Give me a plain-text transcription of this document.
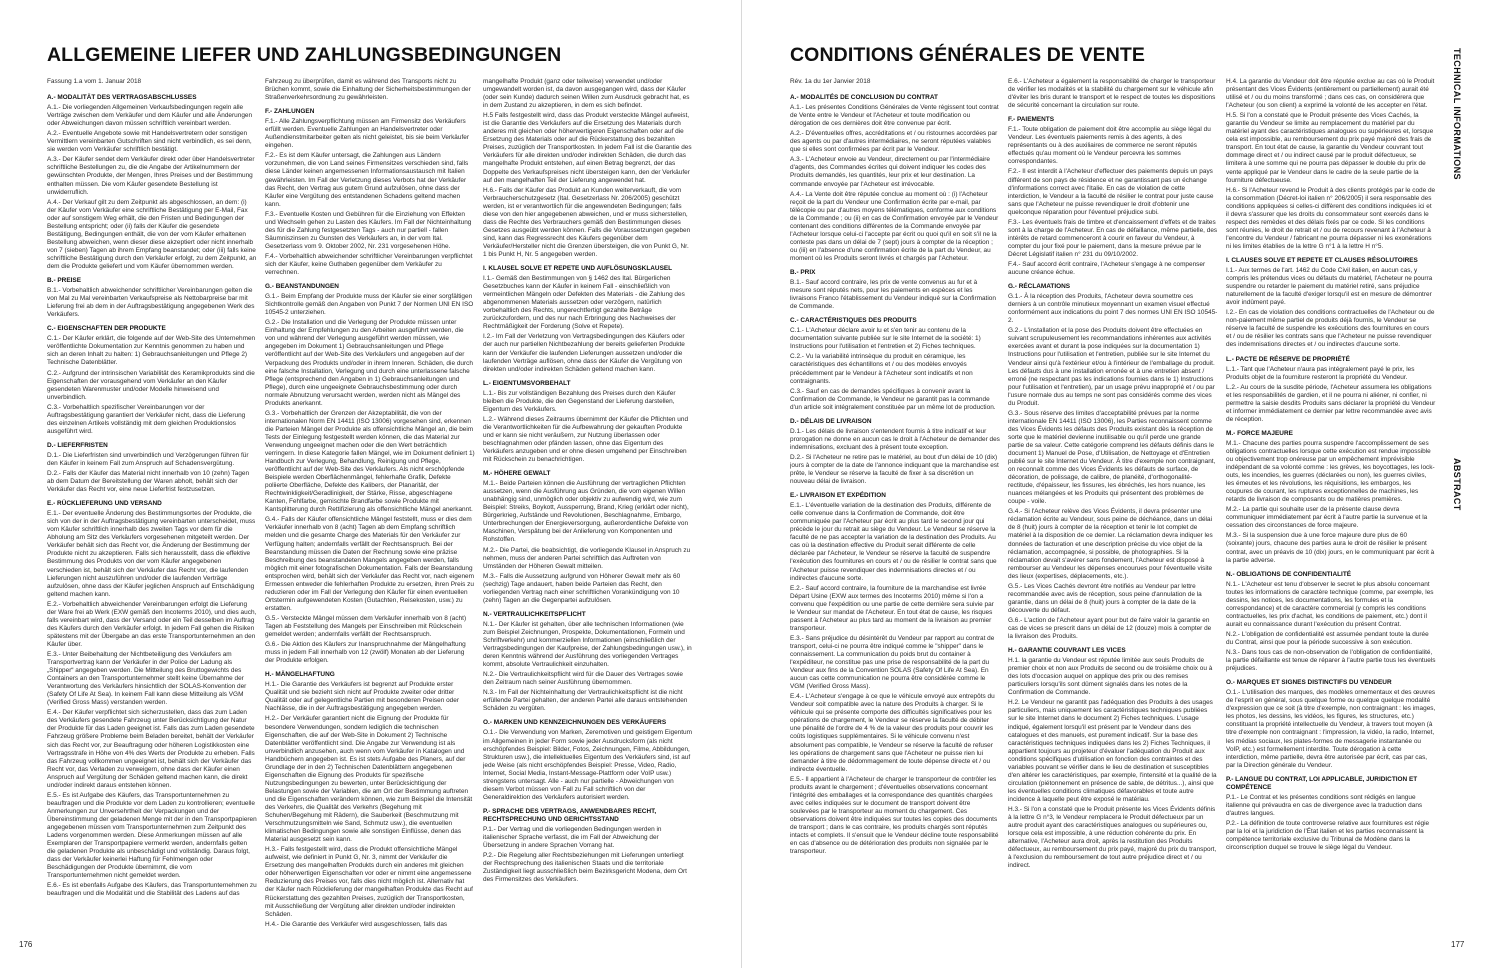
ALLGEMEINE LIEFER UND ZAHLUNGSBEDINGUNGEN

Fassung 1.a vom 1. Januar 2018

A.- MODALITÄT DES VERTRAGSABSCHLUSSES

A.1.- Die vorliegenden Allgemeinen Verkaufsbedingungen regeln alle Verträge zwischen dem Verkäufer und dem Käufer und alle Änderungen oder Abweichungen davon müssen schriftlich vereinbart werden.

A.2.- Eventuelle Angebote sowie mit Handelsvertretern oder sonstigen Vermittlern vereinbarten Gutschriften sind nicht verbindlich, es sei denn, sie werden vom Verkäufer schriftlich bestätigt.

A.3.- Der Käufer sendet dem Verkäufer direkt oder über Handelsvertreter schriftliche Bestellungen zu, die die Angabe der Artikelnummern der gewünschten Produkte, der Mengen, Ihres Preises und der Bestimmung enthalten müssen. Die vom Käufer gesendete Bestellung ist unwiderruflich.

A.4.- Der Verkauf gilt zu dem Zeitpunkt als abgeschlossen, an dem: (i) der Käufer vom Verkäufer eine schriftliche Bestätigung per E-Mail, Fax oder auf sonstigem Weg erhält, die den Fristen und Bedingungen der Bestellung entspricht; oder (ii) falls der Käufer die gesendete Bestätigung, Bedingungen enthält, die von der vom Käufer erhaltenen Bestellung abweichen, wenn dieser diese akzeptiert oder nicht innerhalb von 7 (sieben) Tagen ab ihrem Empfang beanstandet; oder (iii) falls keine schriftliche Bestätigung durch den Verkäufer erfolgt, zu dem Zeitpunkt, an dem die Produkte geliefert und vom Käufer übernommen werden.

B.- PREISE

B.1.- Vorbehaltlich abweichender schriftlicher Vereinbarungen gelten die von Mal zu Mal vereinbarten Verkaufspreise als Nettobarpreise bar mit Lieferung frei ab dem in der Auftragsbestätigung angegebenen Werk des Verkäufers.

C.- EIGENSCHAFTEN DER PRODUKTE

C.1.- Der Käufer erklärt, die folgende auf der Web-Site des Unternehmen veröffentlichte Dokumentation zur Kenntnis genommen zu haben und sich an deren Inhalt zu halten: 1) Gebrauchsanleitungen und Pflege 2) Technische Datenblätter.

C.2.- Aufgrund der intrinsischen Variabilität des Keramikprodukts sind die Eigenschaften der vorausgehend vom Verkäufer an den Käufer gesendeten Warenmuster und/oder Modelle hinweisend und unverbindlich.

C.3.- Vorbehaltlich spezifischer Vereinbarungen vor der Auftragsbestätigung garantiert der Verkäufer nicht, dass die Lieferung des einzelnen Artikels vollständig mit dem gleichen Produktionslos ausgeführt wird.

D.- LIEFERFRISTEN

D.1.- Die Lieferfristen sind unverbindlich und Verzögerungen führen für den Käufer in keinem Fall zum Anspruch auf Schadensvergütung.

D.2.- Falls der Käufer das Material nicht innerhalb von 10 (zehn) Tagen ab dem Datum der Bereitstellung der Waren abholt, behält sich der Verkäufer das Recht vor, eine neue Lieferfrist festzusetzen.

E.- RÜCKLIEFERUNG UND VERSAND

E.1.- Der eventuelle Änderung des Bestimmungsortes der Produkte, die sich von der in der Auftragsbestätigung vereinbarten unterscheidet, muss vom Käufer schriftlich innerhalb des zweiten Tags vor dem für die Abholung am Sitz des Verkäufers vorgesehenen mitgeteilt werden. Der Verkäufer behält sich das Recht vor, die Änderung der Bestimmung der Produkte nicht zu akzeptieren. Falls sich herausstellt, dass die effektive Bestimmung des Produkts von der vom Käufer angegebenen verschieden ist, behält sich der Verkäufer das Recht vor, die laufenden Lieferungen nicht auszuführen und/oder die laufenden Verträge aufzulösen, ohne dass der Käufer jeglichen Anspruch auf Entschädigung geltend machen kann.

E.2.- Vorbehaltlich abweichender Vereinbarungen erfolgt die Lieferung der Ware frei ab Werk (EXW gemäß den Incoterms 2010), und dies auch, falls vereinbart wird, dass der Versand oder ein Teil desselben im Auftrag des Käufers durch den Verkäufer erfolgt. In jedem Fall gehen die Risiken spätestens mit der Übergabe an das erste Transportunternehmen an den Käufer über.

E.3.- Unter Beibehaltung der Nichtbeteiligung des Verkäufers am Transportvertrag kann der Verkäufer in der Police der Ladung als „Shipper“ angegeben werden. Die Mitteilung des Bruttogewichts des Containers an den Transportunternehmer stellt keine Übernahme der Verantwortung des Verkäufers hinsichtlich der SOLAS-Konvention der (Safety Of Life At Sea). In keinem Fall kann diese Mitteilung als VGM (Verified Gross Mass) verstanden werden.

E.4.- Der Käufer verpflichtet sich sicherzustellen, dass das zum Laden des Verkäufers gesendete Fahrzeug unter Berücksichtigung der Natur der Produkte für das Laden geeignet ist. Falls das zum Laden gesendete Fahrzeug größere Probleme beim Beladen bereitet, behält der Verkäufer sich das Recht vor, zur Beauftragung oder höheren Logistikkosten eine Vertragsstrafe in Höhe von 4% des Werts der Produkte zu erheben. Falls das Fahrzeug vollkommen ungeeignet ist, behält sich der Verkäufer das Recht vor, das Verladen zu verweigern, ohne dass der Käufer einen Anspruch auf Vergütung der Schäden geltend machen kann, die direkt und/oder indirekt daraus entstehen können.

E.5.- Es ist Aufgabe des Käufers, das Transportunternehmen zu beauftragen und die Produkte vor dem Laden zu kontrollieren; eventuelle Anmerkungen zur Unversehrtheit der Verpackungen und der Übereinstimmung der geladenen Menge mit der in den Transportpapieren angegebenen müssen vom Transportunternehmen zum Zeitpunkt des Ladens vorgenommen werden. Diese Anmerkungen müssen auf alle Exemplaren der Transportpapiere vermerkt werden, andernfalls gelten die geladenen Produkte als unbeschädigt und vollständig. Daraus folgt, dass der Verkäufer keinerlei Haftung für Fehlmengen oder Beschädigungen der Produkte übernimmt, die vom Transportunternehmen nicht gemeldet werden.

E.6.- Es ist ebenfalls Aufgabe des Käufers, das Transportunternehmen zu beauftragen und die Modalität und die Stabilität des Ladens auf das

Fahrzeug zu überprüfen, damit es während des Transports nicht zu Brüchen kommt, sowie die Einhaltung der Sicherheitsbestimmungen der Straßenverkehrsordnung zu gewährleisten.

F.- ZAHLUNGEN

F.1.- Alle Zahlungsverpflichtung müssen am Firmensitz des Verkäufers erfüllt werden. Eventuelle Zahlungen an Handelsvertreter oder Außendienstmitarbeiter gelten als nicht geleistet, bis sie beim Verkäufer eingehen.

F.2.- Es ist dem Käufer untersagt, die Zahlungen aus Ländern vorzunehmen, die von Land seines Firmensitzes verschieden sind, falls diese Länder keinen angemessenen Informationsaustausch mit Italien gewährleisten. Im Fall der Verletzung dieses Verbots hat der Verkäufer das Recht, den Vertrag aus gutem Grund aufzulösen, ohne dass der Käufer eine Vergütung des entstandenen Schadens geltend machen kann.

F.3.- Eventuelle Kosten und Gebühren für die Einziehung von Effekten und Wechseln gehen zu Lasten des Käufers. Im Fall der Nichteinhaltung des für die Zahlung festgesetzten Tags - auch nur partiell - fallen Säumniszinsen zu Gunsten des Verkäufers an, in der vom Ital. Gesetzerlass vom 9. Oktober 2002, Nr. 231 vorgesehenen Höhe.

F.4.- Vorbehaltlich abweichender schriftlicher Vereinbarungen verpflichtet sich der Käufer, keine Guthaben gegenüber dem Verkäufer zu verrechnen.

G.- BEANSTANDUNGEN

G.1.- Beim Empfang der Produkte muss der Käufer sie einer sorgfältigen Sichtkontrolle gemäß den Angaben von Punkt 7 der Normen UNI EN ISO 10545-2 unterziehen.

G.2.- Die Installation und die Verlegung der Produkte müssen unter Einhaltung der Empfehlungen zu den Arbeiten ausgeführt werden, die von und während der Verlegung ausgeführt werden müssen, wie angegeben im Dokument 1) Gebrauchsanleitungen und Pflege veröffentlicht auf der Web-Site des Verkäufers und angegeben auf der Verpackung des Produkts und/oder in ihrem Inneren. Schäden, die durch eine falsche Installation, Verlegung und durch eine unterlassene falsche Pflege (entsprechend den Angaben in 1) Gebrauchsanleitungen und Pflege), durch eine ungeeignete Gebrauchsbestimmung oder durch normale Abnutzung verursacht werden, werden nicht als Mängel des Produkts anerkannt.

G.3.- Vorbehaltlich der Grenzen der Akzeptabilität, die von der internationalen Norm EN 14411 (ISO 13006) vorgesehen sind, erkennen die Parteien Mängel der Produkte als offensichtliche Mängel an, die beim Tests der Einlegung festgestellt werden können, die das Material zur Verwendung ungeeignet machen oder die den Wert beträchtlich verringern. In diese Kategorie fallen Mängel, wie im Dokument definiert 1) Handbuch zur Verlegung, Behandlung, Reinigung und Pflege, veröffentlicht auf der Web-Site des Verkäufers. Als nicht erschöpfende Beispiele werden Oberflächenmängel, fehlerhafte Grafik, Defekte poliierte Oberfläche, Defekte des Kalibers, der Planarität, der Rechtwinkligkeit/Geradlinigkeit, der Stärke, Risse, abgeschlagene Kanten, Fehlfarbe, gemischte Brandfarbe sowie Produkte mit Kantsplitterung durch Rettifizierung als offensichtliche Mängel anerkannt.

G.4.- Falls der Käufer offensichtliche Mängel feststellt, muss er dies dem Verkäufer innerhalb von 8 (acht) Tagen ab dem Empfang schriftlich melden und die gesamte Charge des Materials für den Verkäufer zur Verfügung halten; andernfalls verfällt der Rechtsanspruch. Bei der Beanstandung müssen die Daten der Rechnung sowie eine präzise Beschreibung des beanstandeten Mangels angegeben werden, falls möglich mit einer fotografischen Dokumentation. Falls der Beanstandung entsprochen wird, behält sich der Verkäufer das Recht vor, nach eigenem Ermessen entweder die fehlerhaften Produkte zu ersetzen, ihren Preis zu reduzieren oder im Fall der Verlegung den Käufer für einen eventuellen Ortstermin aufgewendeten Kosten (Gutachten, Reisekosten, usw.) zu erstatten.

G.5.- Versteckte Mängel müssen dem Verkäufer innerhalb von 8 (acht) Tagen ab Feststellung des Mangels per Einschreiben mit Rückschein gemeldet werden; andernfalls verfällt der Rechtsanspruch.

G.6.- Die Aktion des Käufers zur Inanspruchnahme der Mängelhaftung muss in jedem Fall innerhalb von 12 (zwölf) Monaten ab der Lieferung der Produkte erfolgen.

H.- MÄNGELHAFTUNG

H.1.- Die Garantie des Verkäufers ist begrenzt auf Produkte erster Qualität und sie bezieht sich nicht auf Produkte zweiter oder dritter Qualität oder auf gelegentliche Partien mit besonderen Preisen oder Nachlässe, die in der Auftragsbestätigung angegeben werden.

H.2.- Der Verkäufer garantiert nicht die Eignung der Produkte für besondere Verwendungen, sondern lediglich die technischen Eigenschaften, die auf der Web-Site in Dokument 2) Technische Datenblätter veröffentlicht sind. Die Angabe zur Verwendung ist als unverbindlich anzusehen, auch wenn vom Verkäufer in Katalogen und Handbüchern angegeben ist. Es ist stets Aufgabe des Planers, auf der Grundlage der in den 2) Technischen Datenblättern angegebenen Eigenschaften die Eignung des Produkts für spezifische Nutzungsbedingungen zu bewerten, unter Berücksichtigung der Belastungen sowie der Variablen, die am Ort der Bestimmung auftreten und die Eigenschaften verändern können, wie zum Beispiel die Intensität des Verkehrs, die Qualität des Verkehrs (Begehung mit Schuhen/Begehung mit Rädern), die Sauberkeit (Beschmutzung mit Verschmutzungsmitteln wie Sand, Schmutz usw.), die eventuellen klimatischen Bedingungen sowie alle sonstigen Einflüsse, denen das Material ausgesetzt sein kann.

H.3.- Falls festgestellt wird, dass die Produkt offensichtliche Mängel aufweist, wie definiert in Punkt G, Nr. 3, nimmt der Verkäufer die Ersetzung des mangelhaften Produkts durch ein anderes mit gleichen oder höherwertigen Eigenschaften vor oder er nimmt eine angemessene Reduzierung des Preises vor, falls dies nicht möglich ist. Alternativ hat der Käufer nach Rücklieferung der mangelhaften Produkte das Recht auf Rückerstattung des gezahlten Preises, zuzüglich der Transportkosten, mit Ausschließung der Vergütung aller direkten und/oder indirekten Schäden.

H.4.- Die Garantie des Verkäufer wird ausgeschlossen, falls das

mangelhafte Produkt (ganz oder teilweise) verwendet und/oder umgewandelt worden ist, da davon ausgegangen wird, dass der Käufer (oder sein Kunde) dadurch seinen Willen zum Ausdruck gebracht hat, es in dem Zustand zu akzeptieren, in dem es sich befindet.

H.5 Falls festgestellt wird, dass das Produkt versteckte Mängel aufweist, ist die Garantie des Verkäufers auf die Ersetzung des Materials durch anderes mit gleichen oder höherwertigeren Eigenschaften oder auf die Ersetzung des Materials oder auf die Rückerstattung des bezahlten Preises, zuzüglich der Transportkosten. In jedem Fall ist die Garantie des Verkäufers für alle direkten und/oder indirekten Schäden, die durch das mangelhafte Produkt entstehen, auf einen Betrag begrenzt, der das Doppelte des Verkaufspreises nicht übersteigen kann, den der Verkäufer auf den mangelhaften Teil der Lieferung angewendet hat.

H.6.- Falls der Käufer das Produkt an Kunden weiterverkauft, die vom Verbraucherschutzgesetz (Ital. Gesetzerlass Nr. 206/2005) geschützt werden, ist er verantwortlich für die angewendeten Bedingungen; falls diese von den hier angegebenen abweichen, und er muss sicherstellen, dass die Rechte des Verbrauchers gemäß den Bestimmungen dieses Gesetzes ausgeübt werden können. Falls die Voraussetzungen gegeben sind, kann das Regressrecht des Käufers gegenüber dem Verkäufer/Hersteller nicht die Grenzen übersteigen, die von Punkt G, Nr. 1 bis Punkt H, Nr. 5 angegeben werden.

I. KLAUSEL SOLVE ET REPETE UND AUFLÖSUNGSKLAUSEL

I.1.- Gemäß den Bestimmungen von § 1462 des Ital. Bürgerlichen Gesetzbuches kann der Käufer in keinem Fall - einschließlich von vermeintlichen Mängeln oder Defekten des Materials - die Zahlung des abgenommenen Materials aussetzen oder verzögern, natürlich vorbehaltlich des Rechts, ungerechtfertigt gezahlte Beträge zurückzufordern, und des nur nach Erbringung des Nachweises der Rechtmäßigkeit der Forderung (Solve et Repete).

I.2.- Im Fall der Verletzung von Vertragsbedingungen des Käufers oder der auch nur partiellen Nichtbezahlung der bereits gelieferten Produkte kann der Verkäufer die laufenden Lieferungen aussetzen und/oder die laufenden Verträge auflösen, ohne dass der Käufer die Vergütung von direkten und/oder indirekten Schäden geltend machen kann.

L.- EIGENTUMSVORBEHALT

L.1.- Bis zur vollständigen Bezahlung des Preises durch den Käufer bleiben die Produkte, die den Gegenstand der Lieferung darstellen, Eigentum des Verkäufers.

L.2.- Während dieses Zeitraums übernimmt der Käufer die Pflichten und die Verantwortlichkeiten für die Aufbewahrung der gekauften Produkte und er kann sie nicht veräußern, zur Nutzung überlassen oder beschlagnahmen oder pfänden lassen, ohne das Eigentum des Verkäufers anzugeben und er ohne diesen umgehend per Einschreiben mit Rückschein zu benachrichtigen.

M.- HÖHERE GEWALT

M.1.- Beide Parteien können die Ausführung der vertraglichen Pflichten aussetzen, wenn die Ausführung aus Gründen, die vom eigenen Willen unabhängig sind, unmöglich oder objektiv zu aufwendig wird, wie zum Beispiel: Streiks, Boykott, Aussperrung, Brand, Krieg (erklärt oder nicht), Bürgerkrieg, Aufstände und Revolutionen, Beschlagnahme, Embargo, Unterbrechungen der Energieversorgung, außerordentliche Defekte von Maschinen, Verspätung bei der Anlieferung von Komponenten und Rohstoffen.

M.2.- Die Partei, die beabsichtigt, die vorliegende Klausel in Anspruch zu nehmen, muss der anderen Partei schriftlich das Auftreten von Umständen der Höheren Gewalt mitteilen.

M.3.- Falls die Aussetzung aufgrund von Höherer Gewalt mehr als 60 (sechzig) Tage andauert, haben beide Parteien das Recht, den vorliegenden Vertrag nach einer schriftlichen Vorankündigung von 10 (zehn) Tagen an die Gegenpartei aufzulösen.

N.- VERTRAULICHKEITSPFLICHT

N.1.- Der Käufer ist gehalten, über alle technischen Informationen (wie zum Beispiel Zeichnungen, Prospekte, Dokumentationen, Formeln und Schriftverkehr) und kommerziellen Informationen (einschließlich der Vertragsbedingungen der Kaufpreise, der Zahlungsbedingungen usw.), in deren Kenntnis während der Ausführung des vorliegenden Vertrages kommt, absolute Vertraulichkeit einzuhalten.

N.2.- Die Vertraulichkeitspflicht wird für die Dauer des Vertrages sowie den Zeitraum nach seiner Ausführung übernommen.

N.3.- Im Fall der Nichteinhaltung der Vertraulichkeitspflicht ist die nicht erfüllende Partei gehalten, der anderen Partei alle daraus entstehenden Schäden zu vergüten.

O.- MARKEN UND KENNZEICHNUNGEN DES VERKÄUFERS

O.1.- Die Verwendung von Marken, Zeremotiven und geistigem Eigentum im Allgemeinen in jeder Form sowie jeder Ausdrucksform (als nicht erschöpfendes Beispiel: Bilder, Fotos, Zeichnungen, Filme, Abbildungen, Strukturen usw.), die intellektuelles Eigentum des Verkäufers sind, ist auf jede Weise (als nicht erschöpfendes Beispiel: Presse, Video, Radio, Internet, Social Media, Instant-Message-Plattform oder VoIP usw.) strengstens untersagt. Alle - auch nur partielle - Abweichungen von diesem Verbot müssen von Fall zu Fall schriftlich von der Generaldirektion des Verkäufers autorisiert werden.

P.- SPRACHE DES VERTRAGS, ANWENDBARES RECHT, RECHTSPRECHUNG UND GERICHTSSTAND

P.1.- Der Vertrag und die vorliegenden Bedingungen werden in italienischer Sprache verfasst, die im Fall der Abweichung der Übersetzung in andere Sprachen Vorrang hat.

P.2.- Die Regelung aller Rechtsbeziehungen mit Lieferungen unterliegt der Rechtsprechung des italienischen Staats und die territoriale Zuständigkeit liegt ausschließlich beim Bezirksgericht Modena, dem Ort des Firmensitzes des Verkäufers.

176
CONDITIONS GÉNÉRALES DE VENTE

Rév. 1a du 1er Janvier 2018

A.- MODALITÉS DE CONCLUSION DU CONTRAT

A.1.- Les présentes Conditions Générales de Vente régissent tout contrat de Vente entre le Vendeur et l'Acheteur et toute modification ou dérogation de ces dernières doit être convenue par écrit.

A.2.- D'éventuelles offres, accréditations et / ou ristournes accordées par des agents ou par d'autres intermédiaires, ne seront réputées valables que si elles sont confirmées par écrit par le Vendeur.

A.3.- L'Acheteur envoie au Vendeur, directement ou par l'intermédiaire d'agents, des Commandes écrites qui doivent indiquer les codes des Produits demandés, les quantités, leur prix et leur destination. La commande envoyée par l'Acheteur est irrévocable.

A.4.- La Vente doit être réputée conclue au moment où : (i) l'Acheteur reçoit de la part du Vendeur une Confirmation écrite par e-mail, par télécopie ou par d'autres moyens télématiques, conforme aux conditions de la Commande ; ou (ii) en cas de Confirmation envoyée par le Vendeur contenant des conditions différentes de la Commande envoyée par l'Acheteur lorsque celui-ci l'accepte par écrit ou quoi qu'il en soit s'il ne la conteste pas dans un délai de 7 (sept) jours à compter de la réception ; ou (iii) en l'absence d'une confirmation écrite de la part du Vendeur, au moment où les Produits seront livrés et chargés par l'Acheteur.

B.- PRIX

B.1.- Sauf accord contraire, les prix de vente convenus au fur et à mesure sont réputés nets, pour les paiements en espèces et les livraisons Franco l'établissement du Vendeur indiqué sur la Confirmation de Commande.

C.- CARACTÉRISTIQUES DES PRODUITS

C.1.- L'Acheteur déclare avoir lu et s'en tenir au contenu de la documentation suivante publiée sur le site Internet de la société: 1) Instructions pour l'utilisation et l'entretien et 2) Fiches techniques.

C.2.- Vu la variabilité intrinsèque du produit en céramique, les caractéristiques des échantillons et / ou des modèles envoyés précédemment par le Vendeur à l'Acheteur sont indicatifs et non contraignants.

C.3.- Sauf en cas de demandes spécifiques à convenir avant la Confirmation de Commande, le Vendeur ne garantit pas la commande d'un article soit intégralement constituée par un même lot de production.

D.- DÉLAIS DE LIVRAISON

D.1.- Les délais de livraison s'entendent fournis à titre indicatif et leur prorogation ne donne en aucun cas le droit à l'Acheteur de demander des indemnisations, excluant des à présent toute exception.

D.2.- Si l'Acheteur ne retire pas le matériel, au bout d'un délai de 10 (dix) jours à compter de la date de l'annonce indiquant que la marchandise est prête, le Vendeur se réserve la faculté de fixer à sa discrétion un nouveau délai de livraison.

E.- LIVRAISON ET EXPÉDITION

E.1.- L'éventuelle variation de la destination des Produits, différente de celle convenue dans la Confirmation de Commande, doit être communiquée par l'Acheteur par écrit au plus tard le second jour qui précède le jour du retrait au siège du Vendeur. Le Vendeur se réserve la faculté de ne pas accepter la variation de la destination des Produits. Au cas où la destination effective du Produit serait différente de celle déclarée par l'Acheteur, le Vendeur se réserve la faculté de suspendre l'exécution des fournitures en cours et / ou de résilier le contrat sans que l'Acheteur puisse revendiquer des indemnisations directes et / ou indirectes d'aucune sorte.

E.2.- Sauf accord contraire, la fourniture de la marchandise est livrée Départ Usine (EXW aux termes des Incoterms 2010) même si l'on a convenu que l'expédition ou une partie de cette dernière sera suivie par le Vendeur sur mandat de l'Acheteur. En tout état de cause, les risques passent à l'Acheteur au plus tard au moment de la livraison au premier transporteur.

E.3.- Sans préjudice du désintérêt du Vendeur par rapport au contrat de transport, celui-ci ne pourra être indiqué comme le "shipper" dans le connaissement. La communication du poids brut du container à l'expéditeur, ne constitue pas une prise de responsabilité de la part du Vendeur aux fins de la Convention SOLAS (Safety Of Life At Sea). En aucun cas cette communication ne pourra être considérée comme le VGM (Verified Gross Mass).

E.4.- L'Acheteur s'engage à ce que le véhicule envoyé aux entrepôts du Vendeur soit compatible avec la nature des Produits à charger. Si le véhicule qui se présente comporte des difficultés significatives pour les opérations de chargement, le Vendeur se réserve la faculté de débiter une pénalité de l'ordre de 4 % de la valeur des produits pour couvrir les coûts logistiques supplémentaires. Si le véhicule convenu n'est absolument pas compatible, le Vendeur se réserve la faculté de refuser les opérations de chargement sans que l'Acheteur ne puisse rien lui demander à titre de dédommagement de toute dépense directe et / ou indirecte éventuelle.

E.5.- Il appartient à l'Acheteur de charger le transporteur de contrôler les produits avant le chargement ; d'éventuelles observations concernant l'intégrité des emballages et la correspondance des quantités chargées avec celles indiquées sur le document de transport doivent être soulevées par le transporteur au moment du chargement. Ces observations doivent être indiquées sur toutes les copies des documents de transport ; dans le cas contraire, les produits chargés sont réputés intacts et complets. Il s'ensuit que le Vendeur décline toute responsabilité en cas d'absence ou de détérioration des produits non signalée par le transporteur.

E.6.- L'Acheteur a également la responsabilité de charger le transporteur de vérifier les modalités et la stabilité du chargement sur le véhicule afin d'éviter les bris durant le transport et le respect de toutes les dispositions de sécurité concernant la circulation sur route.

F.- PAIEMENTS

F.1.- Toute obligation de paiement doit être accomplie au siège légal du Vendeur. Les éventuels paiements remis à des agents, à des représentants ou à des auxiliaires de commerce ne seront réputés effectués qu'au moment où le Vendeur percevra les sommes correspondantes.

F.2.- Il est interdit à l'Acheteur d'effectuer des paiements depuis un pays différent de son pays de résidence et ne garantissant pas un échange d'informations correct avec l'Italie. En cas de violation de cette interdiction, le Vendeur a la faculté de résilier le contrat pour juste cause sans que l'Acheteur ne puisse revendiquer le droit d'obtenir une quelconque réparation pour l'éventuel préjudice subi.

F.3.- Les éventuels frais de timbre et d'encaissement d'effets et de traites sont à la charge de l'Acheteur. En cas de défaillance, même partielle, des intérêts de retard commenceront à courir en faveur du Vendeur, à compter du jour fixé pour le paiement, dans la mesure prévue par le Décret Législatif italien n° 231 du 09/10/2002.

F.4.- Sauf accord écrit contraire, l'Acheteur s'engage à ne compenser aucune créance échue.

G.- RÉCLAMATIONS

G.1.- À la réception des Produits, l'Acheteur devra soumettre ces derniers à un contrôle minutieux moyennant un examen visuel effectué conformément aux indications du point 7 des normes UNI EN ISO 10545-2.

G.2.- L'installation et la pose des Produits doivent être effectuées en suivant scrupuleusement les recommandations inhérentes aux activités exercées avant et durant la pose indiquées sur la documentation 1) Instructions pour l'utilisation et l'entretien, publiée sur le site Internet du Vendeur ainsi qu'à l'extérieur et/ou à l'intérieur de l'emballage du produit. Les défauts dus à une installation erronée et à une entretien absent / erroné (ne respectant pas les indications fournies dans le 1) Instructions pour l'utilisation et l'entretien), par un usage prévu inapproprié et / ou par l'usure normale dus au temps ne sont pas considérés comme des vices du Produit.

G.3.- Sous réserve des limites d'acceptabilité prévues par la norme internationale EN 14411 (ISO 13006), les Parties reconnaissent comme des Vices Évidents les défauts des Produits existant dès la réception de sorte que le matériel devienne inutilisable ou qu'il perde une grande partie de sa valeur. Cette catégorie comprend les défauts définis dans le document 1) Manuel de Pose, d'Utilisation, de Nettoyage et d'Entretien publié sur le site Internet du Vendeur. À titre d'exemple non contraignant, on reconnaît comme des Vices Évidents les défauts de surface, de décoration, de polissage, de calibre, de planéité, d'orthogonalité-rectitude, d'épaisseur, les fissures, les ébréchés, les hors nuance, les nuances mélangées et les Produits qui présentent des problèmes de coupe - voile.

G.4.- Si l'Acheteur relève des Vices Évidents, il devra présenter une réclamation écrite au Vendeur, sous peine de déchéance, dans un délai de 8 (huit) jours à compter de la réception et tenir le lot complet de matériel à la disposition de ce dernier. La réclamation devra indiquer les données de facturation et une description précise du vice objet de la réclamation, accompagnée, si possible, de photographies. Si la réclamation devait s'avérer sans fondement, l'Acheteur est disposé à rembourser au Vendeur les dépenses encourues pour l'éventuelle visite des lieux (expertises, déplacements, etc.).

G.5.- Les Vices Cachés devront être notifiés au Vendeur par lettre recommandée avec avis de réception, sous peine d'annulation de la garantie, dans un délai de 8 (huit) jours à compter de la date de la découverte du défaut.

G.6.- L'action de l'Acheteur ayant pour but de faire valoir la garantie en cas de vices se prescrit dans un délai de 12 (douze) mois à compter de la livraison des Produits.

H.- GARANTIE COUVRANT LES VICES

H.1. la garantie du Vendeur est réputée limitée aux seuls Produits de premier choix et non aux Produits de second ou de troisième choix ou à des lots d'occasion auquel on applique des prix ou des remises particuliers lorsqu'ils sont dûment signalés dans les notes de la Confirmation de Commande.

H.2. Le Vendeur ne garantit pas l'adéquation des Produits à des usages particuliers, mais uniquement les caractéristiques techniques publiées sur le site Internet dans le document 2) Fiches techniques. L'usage indiqué, également lorsqu'il est présent par le Vendeur dans des catalogues et des manuels, est purement indicatif. Sur la base des caractéristiques techniques indiquées dans les 2) Fiches Techniques, il appartient toujours au projeteur d'évaluer l'adéquation du Produit aux conditions spécifiques d'utilisation en fonction des contraintes et des variables pouvant se vérifier dans le lieu de destination et susceptibles d'en altérer les caractéristiques, par exemple, l'intensité et la qualité de la circulation (piétonnement en présence de sable, de détritus...), ainsi que les éventuelles conditions climatiques défavorables et toute autre incidence à laquelle peut être exposé le matériau.

H.3.- Si l'on a constaté que le Produit présente les Vices Évidents définis à la lettre G n°3, le Vendeur remplacera le Produit défectueux par un autre produit ayant des caractéristiques analogues ou supérieures ou, lorsque cela est impossible, à une réduction cohérente du prix. En alternative, l'Acheteur aura droit, après la restitution des Produits défectueux, au remboursement du prix payé, majoré du prix du transport, à l'exclusion du remboursement de tout autre préjudice direct et / ou indirect.

H.4. La garantie du Vendeur doit être réputée exclue au cas où le Produit présentant des Vices Évidents (entièrement ou partiellement) aurait été utilisé et / ou du moins transformé ; dans ces cas, on considérera que l'Acheteur (ou son client) a exprimé la volonté de les accepter en l'état.

H.5. Si l'on a constaté que le Produit présente des Vices Cachés, la garantie du Vendeur se limite au remplacement du matériel par du matériel ayant des caractéristiques analogues ou supérieures et, lorsque cela est impossible, au remboursement du prix payé majoré des frais de transport. En tout état de cause, la garantie du Vendeur couvrant tout dommage direct et / ou indirect causé par le produit défectueux, se limitera à une somme qui ne pourra pas dépasser le double du prix de vente appliqué par le Vendeur dans le cadre de la seule partie de la fourniture défectueuse.

H.6.- Si l'Acheteur revend le Produit à des clients protégés par le code de la consommation (Décret-loi italien n° 206/2005) il sera responsable des conditions appliquées si celles-ci diffèrent des conditions indiquées ici et il devra s'assurer que les droits du consommateur sont exercés dans le respect des remèdes et des délais fixés par ce code. Si les conditions sont réunies, le droit de retrait et / ou de recours revenant à l'Acheteur à l'encontre du Vendeur / fabricant ne pourra dépasser ni les exonérations ni les limites établies de la lettre G n°1 à la lettre H n°5.

I. CLAUSES SOLVE ET REPETE ET CLAUSES RÉSOLUTOIRES

I.1.- Aux termes de l'art. 1462 du Code Civil italien, en aucun cas, y compris les prétendus vices ou défauts du matériel, l'Acheteur ne pourra suspendre ou retarder le paiement du matériel retiré, sans préjudice naturellement de la faculté d'exiger lorsqu'il est en mesure de démontrer avoir indûment payé.

I.2.- En cas de violation des conditions contractuelles de l'Acheteur ou de non-paiement même partiel de produits déjà fournis, le Vendeur se réserve la faculté de suspendre les exécutions des fournitures en cours et / ou de résilier les contrats sans que l'Acheteur ne puisse revendiquer des indemnisations directes et / ou indirectes d'aucune sorte.

L.- PACTE DE RÉSERVE DE PROPRIÉTÉ

L.1.- Tant que l'Acheteur n'aura pas intégralement payé le prix, les Produits objet de la fourniture resteront la propriété du Vendeur.

L.2.- Au cours de la susdite période, l'Acheteur assumera les obligations et les responsabilités de gardien, et il ne pourra ni aliéner, ni confier, ni permettre la saisie desdits Produits sans déclarer la propriété du Vendeur et informer immédiatement ce dernier par lettre recommandée avec avis de réception.

M.- FORCE MAJEURE

M.1.- Chacune des parties pourra suspendre l'accomplissement de ses obligations contractuelles lorsque cette exécution est rendue impossible ou objectivement trop onéreuse par un empêchement imprévisible indépendant de sa volonté comme : les grèves, les boycottages, les lock-outs, les incendies, les guerres (déclarées ou non), les guerres civiles, les émeutes et les révolutions, les réquisitions, les embargos, les coupures de courant, les ruptures exceptionnelles de machines, les retards de livraison de composants ou de matières premières.

M.2.- La partie qui souhaite user de la présente clause devra communiquer immédiatement par écrit à l'autre partie la survenue et la cessation des circonstances de force majeure.

M.3.- Si la suspension due à une force majeure dure plus de 60 (soixante) jours, chacune des parties aura le droit de résilier le présent contrat, avec un préavis de 10 (dix) jours, en le communiquant par écrit à la partie adverse.

N.- OBLIGATIONS DE CONFIDENTIALITÉ

N.1.- L'Acheteur est tenu d'observer le secret le plus absolu concernant toutes les informations de caractère technique (comme, par exemple, les dessins, les notices, les documentations, les formules et la correspondance) et de caractère commercial (y compris les conditions contractuelles, les prix d'achat, les conditions de paiement, etc.) dont il aurait eu connaissance durant l'exécution du présent Contrat.

N.2.- L'obligation de confidentialité est assumée pendant toute la durée du Contrat, ainsi que pour la période successive à son exécution.

N.3.- Dans tous cas de non-observation de l'obligation de confidentialité, la partie défaillante est tenue de réparer à l'autre partie tous les éventuels préjudices.

O.- MARQUES ET SIGNES DISTINCTIFS DU VENDEUR

O.1.- L'utilisation des marques, des modèles ornementaux et des œuvres de l'esprit en général, sous quelque forme ou quelque quelque modalité d'expression que ce soit (à titre d'exemple, non contraignant : les images, les photos, les dessins, les vidéos, les figures, les structures, etc.) constituant la propriété intellectuelle du Vendeur, à travers tout moyen (à titre d'exemple non contraignant : l'impression, la vidéo, la radio, Internet, les médias sociaux, les plates-formes de messagerie instantanée ou VoIP, etc.) est formellement interdite. Toute dérogation à cette interdiction, même partielle, devra être autorisée par écrit, cas par cas, par la Direction générale du Vendeur.

P.- LANGUE DU CONTRAT, LOI APPLICABLE, JURIDICTION ET COMPÉTENCE

P.1.- Le Contrat et les présentes conditions sont rédigés en langue italienne qui prévaudra en cas de divergence avec la traduction dans d'autres langues.

P.2.- La définition de toute controverse relative aux fournitures est régie par la loi et la juridiction de l'État italien et les parties reconnaissent la compétence territoriale exclusive du Tribunal de Modène dans la circonscription duquel se trouve le siège légal du Vendeur.

TECHNICAL INFORMATIONS
ABSTRACT
177
